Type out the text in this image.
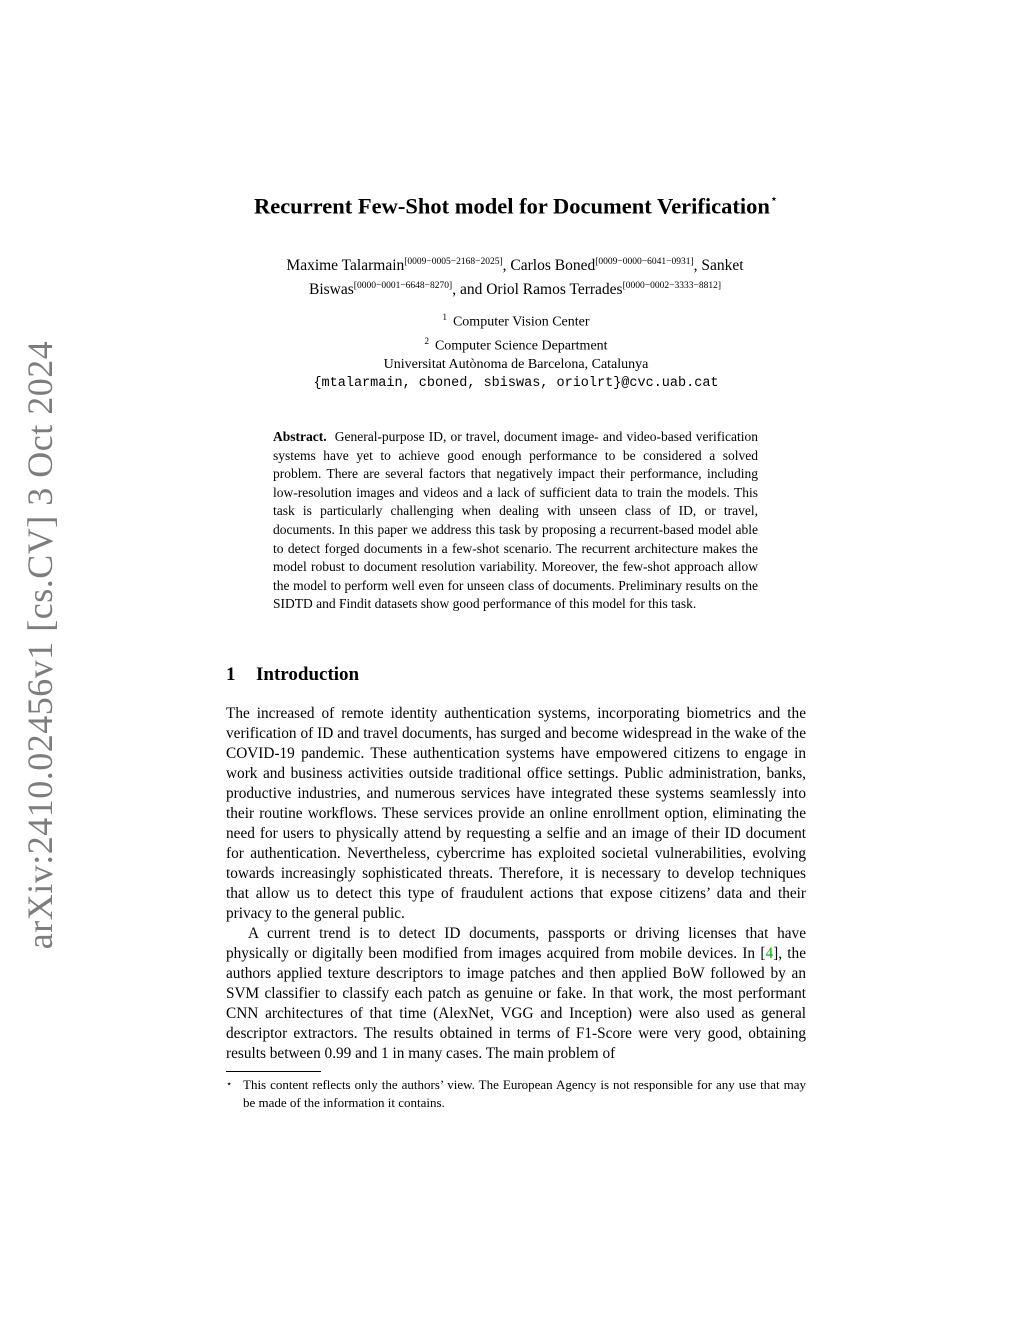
arXiv:2410.02456v1 [cs.CV] 3 Oct 2024
Recurrent Few-Shot model for Document Verification⋆
Maxime Talarmain[0009−0005−2168−2025], Carlos Boned[0009−0000−6041−0931], Sanket Biswas[0000−0001−6648−8270], and Oriol Ramos Terrades[0000−0002−3333−8812]
$^1$ Computer Vision Center
$^2$ Computer Science Department
Universitat Autònoma de Barcelona, Catalunya
{mtalarmain, cboned, sbiswas, oriolrt}@cvc.uab.cat
Abstract. General-purpose ID, or travel, document image- and video-based verification systems have yet to achieve good enough performance to be considered a solved problem. There are several factors that negatively impact their performance, including low-resolution images and videos and a lack of sufficient data to train the models. This task is particularly challenging when dealing with unseen class of ID, or travel, documents. In this paper we address this task by proposing a recurrent-based model able to detect forged documents in a few-shot scenario. The recurrent architecture makes the model robust to document resolution variability. Moreover, the few-shot approach allow the model to perform well even for unseen class of documents. Preliminary results on the SIDTD and Findit datasets show good performance of this model for this task.
1 Introduction

The increased of remote identity authentication systems, incorporating biometrics and the verification of ID and travel documents, has surged and become widespread in the wake of the COVID-19 pandemic. These authentication systems have empowered citizens to engage in work and business activities outside traditional office settings. Public administration, banks, productive industries, and numerous services have integrated these systems seamlessly into their routine workflows. These services provide an online enrollment option, eliminating the need for users to physically attend by requesting a selfie and an image of their ID document for authentication. Nevertheless, cybercrime has exploited societal vulnerabilities, evolving towards increasingly sophisticated threats. Therefore, it is necessary to develop techniques that allow us to detect this type of fraudulent actions that expose citizens’ data and their privacy to the general public.

A current trend is to detect ID documents, passports or driving licenses that have physically or digitally been modified from images acquired from mobile devices. In [4], the authors applied texture descriptors to image patches and then applied BoW followed by an SVM classifier to classify each patch as genuine or fake. In that work, the most performant CNN architectures of that time (AlexNet, VGG and Inception) were also used as general descriptor extractors. The results obtained in terms of F1-Score were very good, obtaining results between 0.99 and 1 in many cases. The main problem of

⋆ This content reflects only the authors’ view. The European Agency is not responsible for any use that may be made of the information it contains.
